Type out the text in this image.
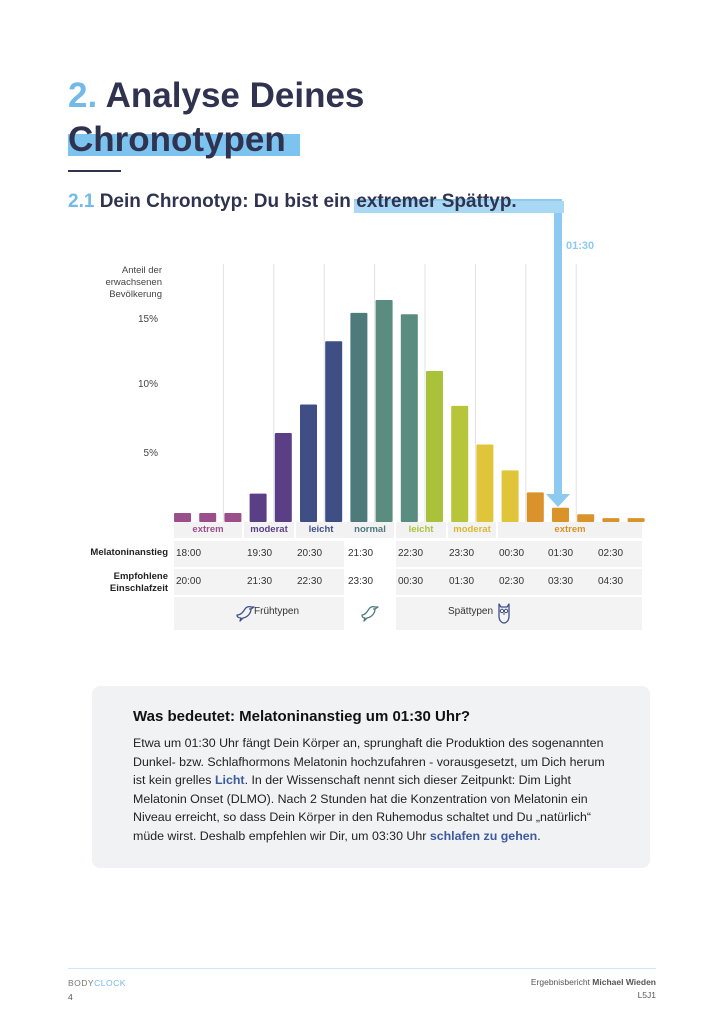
2. Analyse Deines
Chronotypen
01:30
2.1 Dein Chronotyp: Du bist ein extremer Spättyp.
Anteil der erwachsenen Bevölkerung
15%
10%
5%
extrem	moderat	leicht	normal	leicht	moderat	extrem
Melatoninanstieg
Empfohlene Einschlafzeit
18:00	19:30 20:30	21:30 22:30	23:30 00:30 01:30 02:30
20:00	21:30 22:30	23:30 00:30	01:30 02:30 03:30 04:30
Frühtypen	Spättypen
Was bedeutet: Melatoninanstieg um 01:30 Uhr?
Etwa um 01:30 Uhr fängt Dein Körper an, sprunghaft die Produktion des sogenannten Dunkel- bzw. Schlafhormons Melatonin hochzufahren - vorausgesetzt, um Dich herum ist kein grelles Licht. In der Wissenschaft nennt sich dieser Zeitpunkt: Dim Light Melatonin Onset (DLMO). Nach 2 Stunden hat die Konzentration von Melatonin ein Niveau erreicht, so dass Dein Körper in den Ruhemodus schaltet und Du „natürlich“ müde wirst. Deshalb empfehlen wir Dir, um 03:30 Uhr schlafen zu gehen.
BODYCLOCK
4
Ergebnisbericht Michael Wieden
L5J1
